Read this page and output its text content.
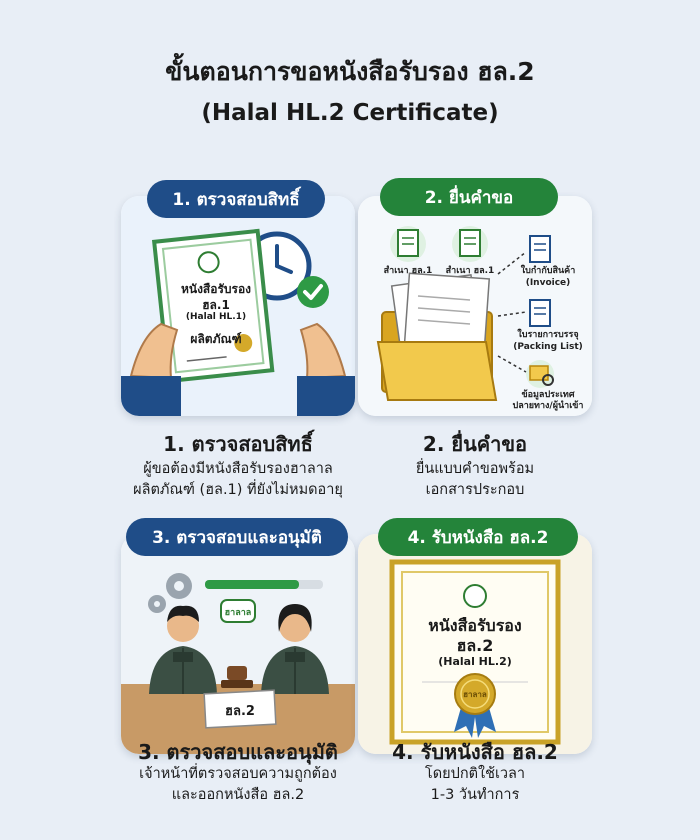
ขั้นตอนการขอหนังสือรับรอง ฮล.2
(Halal HL.2 Certificate)
1. ตรวจสอบสิทธิ์
หนังสือรับรอง
ฮล.1
(Halal HL.1)
ผลิตภัณฑ์
1. ตรวจสอบสิทธิ์
ผู้ขอต้องมีหนังสือรับรองฮาลาล
ผลิตภัณฑ์ (ฮล.1) ที่ยังไม่หมดอายุ
2. ยื่นคำขอ
สำเนา ฮล.1	สำเนา ฮล.1	ใบกำกับสินค้า
(Invoice)
ใบรายการบรรจุ
(Packing List)
ข้อมูลประเทศ
ปลายทาง/ผู้นำเข้า
2. ยื่นคำขอ
ยื่นแบบคำขอพร้อม
เอกสารประกอบ
3. ตรวจสอบและอนุมัติ
ฮาลาล
ฮล.2
3. ตรวจสอบและอนุมัติ
เจ้าหน้าที่ตรวจสอบความถูกต้อง
และออกหนังสือ ฮล.2
4. รับหนังสือ ฮล.2
หนังสือรับรอง
ฮล.2
(Halal HL.2)
ฮาลาล
4. รับหนังสือ ฮล.2
โดยปกติใช้เวลา
1-3 วันทำการ
